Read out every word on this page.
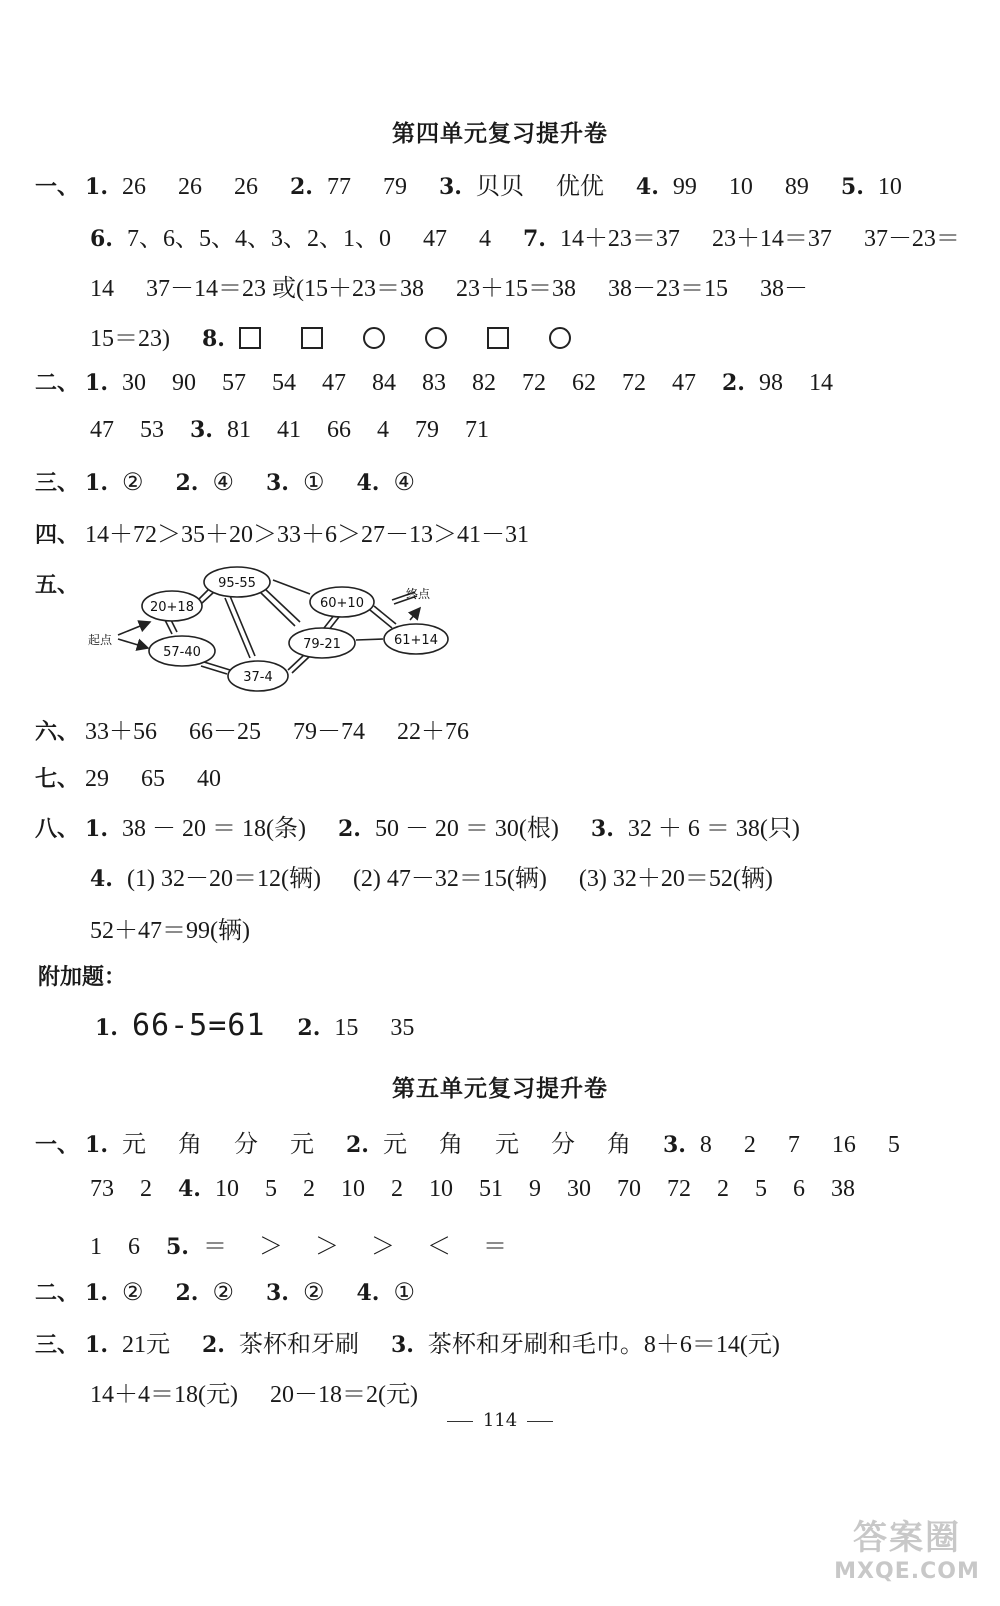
第四单元复习提升卷
一、 1. 26 26 26 2. 77 79 3. 贝贝 优优 4. 99 10 89 5. 10
6. 7、6、5、4、3、2、1、0 47 4 7. 14＋23＝37 23＋14＝37 37－23＝
14 37－14＝23 或(15＋23＝38 23＋15＝38 38－23＝15 38－
15＝23) 8.
二、 1. 30 90 57 54 47 84 83 82 72 62 72 47 2. 98 14
47 53 3. 81 41 66 4 79 71
三、 1. ② 2. ④ 3. ① 4. ④
四、 14＋72＞35＋20＞33＋6＞27－13＞41－31
五、
20+18
95-55
60+10
57-40
79-21	61+14
37-4
起点
终点
六、 33＋56 66－25 79－74 22＋76
七、 29 65 40
八、 1. 38 － 20 ＝ 18(条) 2. 50 － 20 ＝ 30(根) 3. 32 ＋ 6 ＝ 38(只)
4. (1) 32－20＝12(辆) (2) 47－32＝15(辆) (3) 32＋20＝52(辆)
52＋47＝99(辆)
附加题：
1. 66-5=61 2. 15 35
第五单元复习提升卷
一、 1. 元 角 分 元 2. 元 角 元 分 角 3. 8 2 7 16 5
73 2 4. 10 5 2 10 2 10 51 9 30 70 72 2 5 6 38
1 6 5. ＝ ＞ ＞ ＞ ＜ ＝
二、 1. ② 2. ② 3. ② 4. ①
三、 1. 21元 2. 茶杯和牙刷 3. 茶杯和牙刷和毛巾。8＋6＝14(元)
14＋4＝18(元) 20－18＝2(元)
114
答案圈
MXQE.COM
